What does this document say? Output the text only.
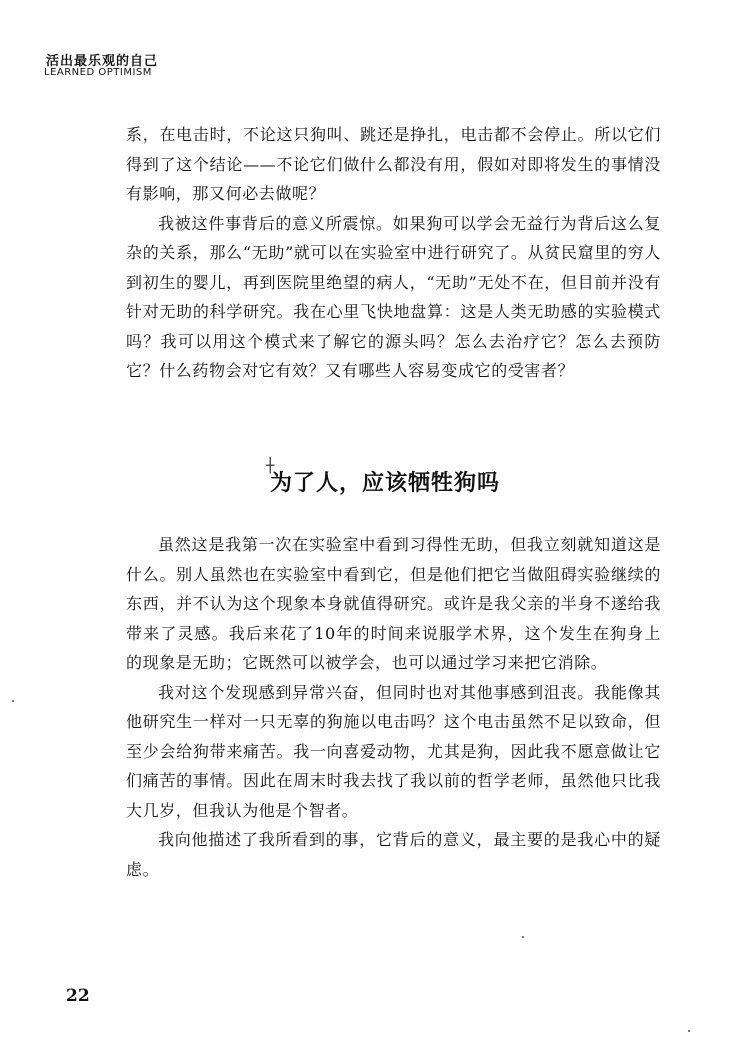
活出最乐观的自己
LEARNED OPTIMISM

系，在电击时，不论这只狗叫、跳还是挣扎，电击都不会停止。所以它们得到了这个结论——不论它们做什么都没有用，假如对即将发生的事情没有影响，那又何必去做呢？

我被这件事背后的意义所震惊。如果狗可以学会无益行为背后这么复杂的关系，那么“无助”就可以在实验室中进行研究了。从贫民窟里的穷人到初生的婴儿，再到医院里绝望的病人，“无助”无处不在，但目前并没有针对无助的科学研究。我在心里飞快地盘算：这是人类无助感的实验模式吗？我可以用这个模式来了解它的源头吗？怎么去治疗它？怎么去预防它？什么药物会对它有效？又有哪些人容易变成它的受害者？

┼
为了人，应该牺牲狗吗

虽然这是我第一次在实验室中看到习得性无助，但我立刻就知道这是什么。别人虽然也在实验室中看到它，但是他们把它当做阻碍实验继续的东西，并不认为这个现象本身就值得研究。或许是我父亲的半身不遂给我带来了灵感。我后来花了10年的时间来说服学术界，这个发生在狗身上的现象是无助；它既然可以被学会，也可以通过学习来把它消除。

我对这个发现感到异常兴奋，但同时也对其他事感到沮丧。我能像其他研究生一样对一只无辜的狗施以电击吗？这个电击虽然不足以致命，但至少会给狗带来痛苦。我一向喜爱动物，尤其是狗，因此我不愿意做让它们痛苦的事情。因此在周末时我去找了我以前的哲学老师，虽然他只比我大几岁，但我认为他是个智者。

我向他描述了我所看到的事，它背后的意义，最主要的是我心中的疑虑。

22
